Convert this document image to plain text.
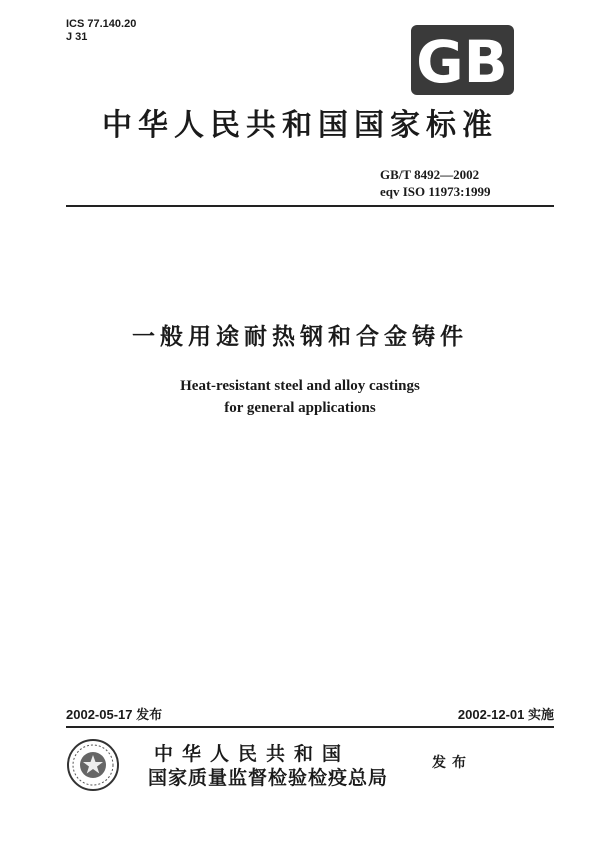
ICS 77.140.20
J 31	GB
中华人民共和国国家标准
GB/T 8492—2002
eqv ISO 11973:1999
一般用途耐热钢和合金铸件
Heat-resistant steel and alloy castings
for general applications
2002-05-17 发布	2002-12-01 实施
中华人民共和国
国家质量监督检验检疫总局
发布
